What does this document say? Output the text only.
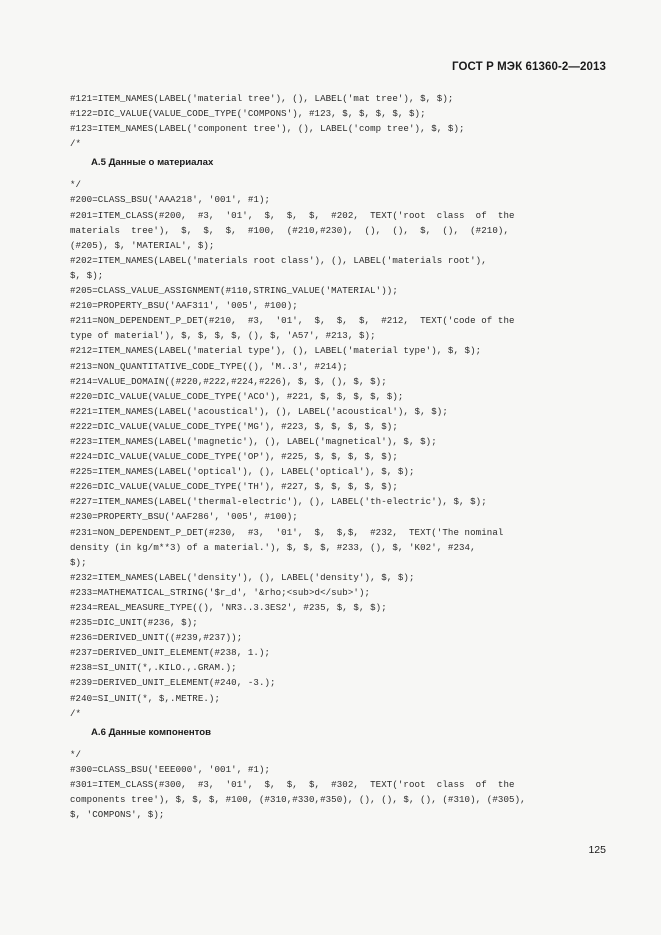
ГОСТ Р МЭК 61360-2—2013
#121=ITEM_NAMES(LABEL('material tree'), (), LABEL('mat tree'), $, $);
#122=DIC_VALUE(VALUE_CODE_TYPE('COMPONS'), #123, $, $, $, $, $);
#123=ITEM_NAMES(LABEL('component tree'), (), LABEL('comp tree'), $, $);
/*
А.5 Данные о материалах
*/
#200=CLASS_BSU('AAA218', '001', #1);
#201=ITEM_CLASS(#200,  #3,  '01',  $,  $,  $,  #202,  TEXT('root  class  of  the
materials  tree'),  $,  $,  $,  #100,  (#210,#230),  (),  (),  $,  (),  (#210),
(#205), $, 'MATERIAL', $);
#202=ITEM_NAMES(LABEL('materials root class'), (), LABEL('materials root'),
$, $);
#205=CLASS_VALUE_ASSIGNMENT(#110,STRING_VALUE('MATERIAL'));
#210=PROPERTY_BSU('AAF311', '005', #100);
#211=NON_DEPENDENT_P_DET(#210,  #3,  '01',  $,  $,  $,  #212,  TEXT('code of the
type of material'), $, $, $, $, (), $, 'A57', #213, $);
#212=ITEM_NAMES(LABEL('material type'), (), LABEL('material type'), $, $);
#213=NON_QUANTITATIVE_CODE_TYPE((), 'M..3', #214);
#214=VALUE_DOMAIN((#220,#222,#224,#226), $, $, (), $, $);
#220=DIC_VALUE(VALUE_CODE_TYPE('ACO'), #221, $, $, $, $, $);
#221=ITEM_NAMES(LABEL('acoustical'), (), LABEL('acoustical'), $, $);
#222=DIC_VALUE(VALUE_CODE_TYPE('MG'), #223, $, $, $, $, $);
#223=ITEM_NAMES(LABEL('magnetic'), (), LABEL('magnetical'), $, $);
#224=DIC_VALUE(VALUE_CODE_TYPE('OP'), #225, $, $, $, $, $);
#225=ITEM_NAMES(LABEL('optical'), (), LABEL('optical'), $, $);
#226=DIC_VALUE(VALUE_CODE_TYPE('TH'), #227, $, $, $, $, $);
#227=ITEM_NAMES(LABEL('thermal-electric'), (), LABEL('th-electric'), $, $);
#230=PROPERTY_BSU('AAF286', '005', #100);
#231=NON_DEPENDENT_P_DET(#230,  #3,  '01',  $,  $,$,  #232,  TEXT('The nominal
density (in kg/m**3) of a material.'), $, $, $, #233, (), $, 'K02', #234,
$);
#232=ITEM_NAMES(LABEL('density'), (), LABEL('density'), $, $);
#233=MATHEMATICAL_STRING('$r_d', '&rho;<sub>d</sub>');
#234=REAL_MEASURE_TYPE((), 'NR3..3.3ES2', #235, $, $, $);
#235=DIC_UNIT(#236, $);
#236=DERIVED_UNIT((#239,#237));
#237=DERIVED_UNIT_ELEMENT(#238, 1.);
#238=SI_UNIT(*,.KILO.,.GRAM.);
#239=DERIVED_UNIT_ELEMENT(#240, -3.);
#240=SI_UNIT(*, $,.METRE.);
/*
А.6 Данные компонентов
*/
#300=CLASS_BSU('EEE000', '001', #1);
#301=ITEM_CLASS(#300,  #3,  '01',  $,  $,  $,  #302,  TEXT('root  class  of  the
components tree'), $, $, $, #100, (#310,#330,#350), (), (), $, (), (#310), (#305),
$, 'COMPONS', $);
125
